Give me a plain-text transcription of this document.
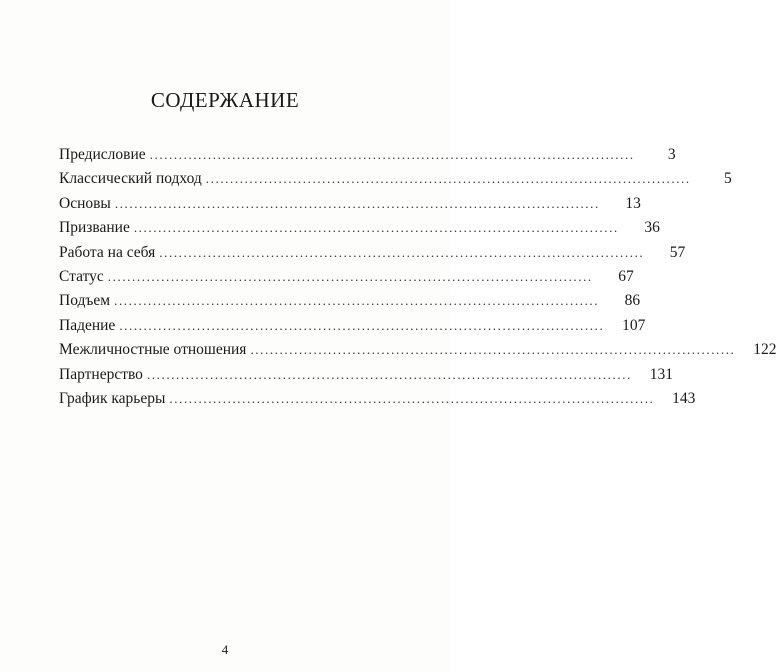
СОДЕРЖАНИЕ
Предисловие ....................................................................................................	3
Классический подход ....................................................................................................	5
Основы ....................................................................................................	13
Призвание ....................................................................................................	36
Работа на себя ....................................................................................................	57
Статус ....................................................................................................	67
Подъем ....................................................................................................	86
Падение ....................................................................................................	107
Межличностные отношения ....................................................................................................	122
Партнерство ....................................................................................................	131
График карьеры ....................................................................................................	143
4
